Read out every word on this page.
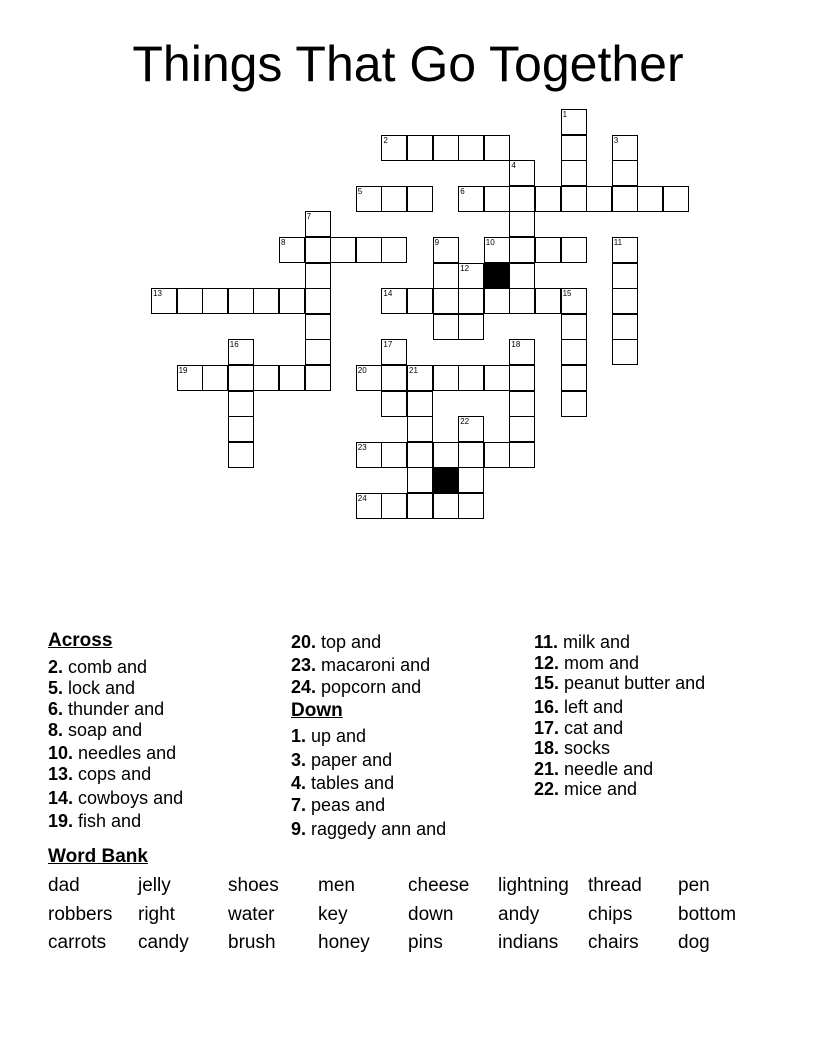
Things That Go Together
2
5	6
8	10
13	14
19	20	21
23
24
1
3
4
7
9	11
12
15
16	17	18
22
Across
Down
2. comb and
5. lock and
6. thunder and
8. soap and
10. needles and
13. cops and
14. cowboys and
19. fish and
20. top and
23. macaroni and
24. popcorn and
1. up and
3. paper and
4. tables and
7. peas and
9. raggedy ann and
11. milk and
12. mom and
15. peanut butter and
16. left and
17. cat and
18. socks
21. needle and
22. mice and
Word Bank
dad	jelly	shoes men	cheese lightning thread pen
robbers right	water key	down andy	chips bottom
carrots candy brush honey pins	indians chairs dog
